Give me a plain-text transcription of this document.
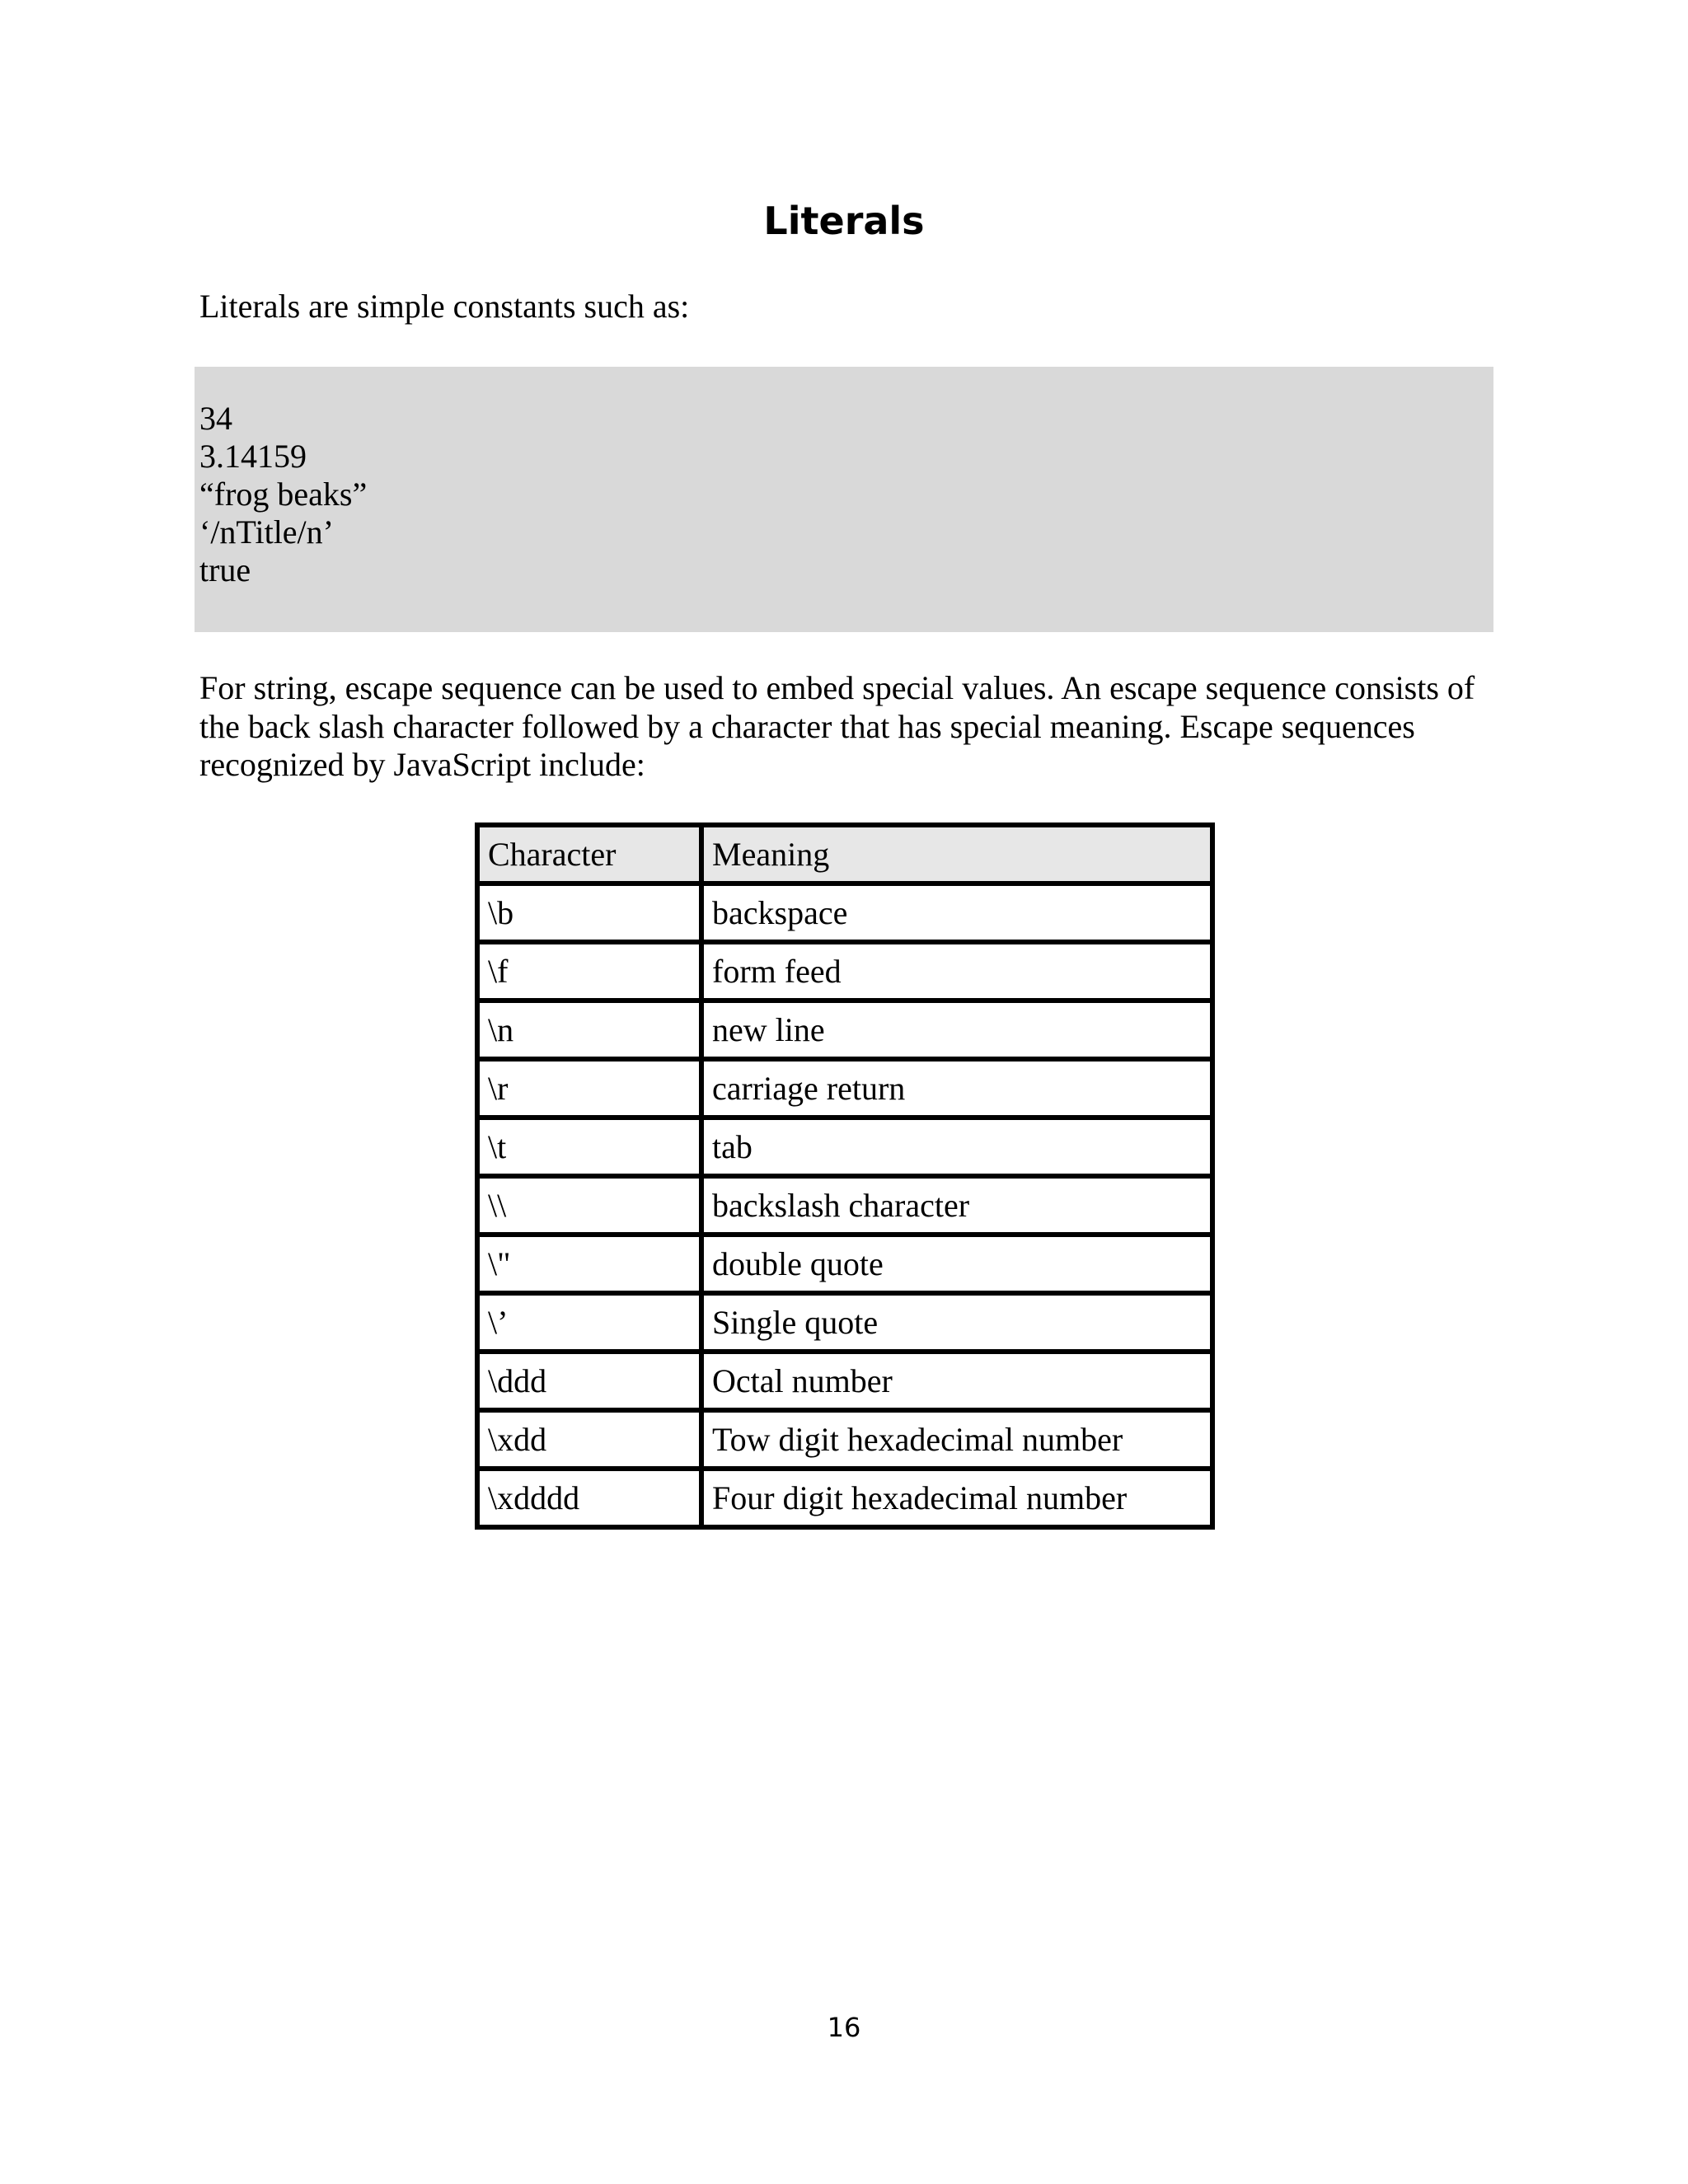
Literals

Literals are simple constants such as:

34
3.14159
“frog beaks”
‘/nTitle/n’
true

For string, escape sequence can be used to embed special values. An escape sequence consists of the back slash character followed by a character that has special meaning. Escape sequences recognized by JavaScript include:

Character	Meaning
\b	backspace
\f	form feed
\n	new line
\r	carriage return
\t	tab
\\	backslash character
\"	double quote
\’	Single quote
\ddd	Octal number
\xdd	Tow digit hexadecimal number
\xdddd	Four digit hexadecimal number
16
